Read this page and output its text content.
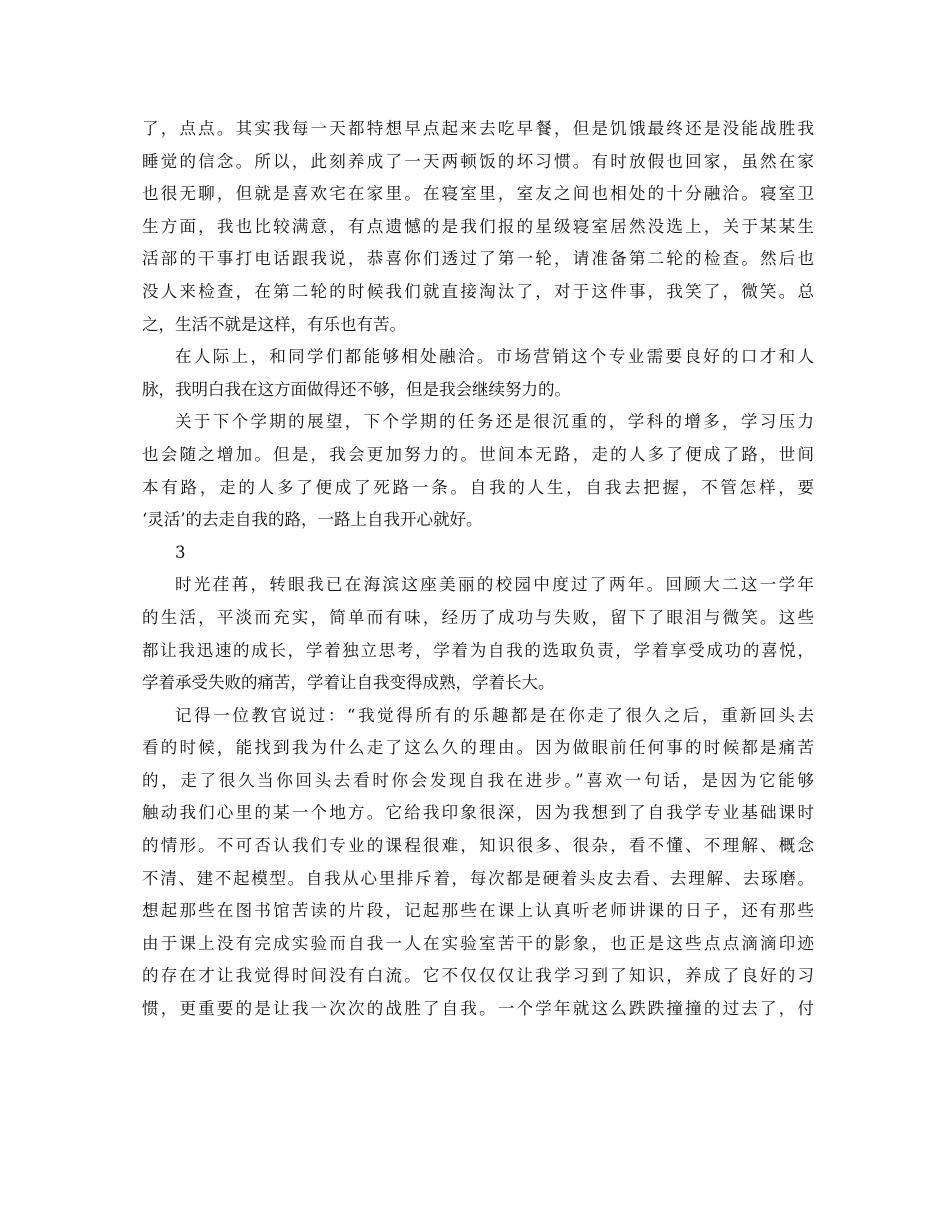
了，点点。其实我每一天都特想早点起来去吃早餐，但是饥饿最终还是没能战胜我
睡觉的信念。所以，此刻养成了一天两顿饭的坏习惯。有时放假也回家，虽然在家
也很无聊，但就是喜欢宅在家里。在寝室里，室友之间也相处的十分融洽。寝室卫
生方面，我也比较满意，有点遗憾的是我们报的星级寝室居然没选上，关于某某生
活部的干事打电话跟我说，恭喜你们透过了第一轮，请准备第二轮的检查。然后也
没人来检查，在第二轮的时候我们就直接淘汰了，对于这件事，我笑了，微笑。总
之，生活不就是这样，有乐也有苦。
在人际上，和同学们都能够相处融洽。市场营销这个专业需要良好的口才和人
脉，我明白我在这方面做得还不够，但是我会继续努力的。
关于下个学期的展望，下个学期的任务还是很沉重的，学科的增多，学习压力
也会随之增加。但是，我会更加努力的。世间本无路，走的人多了便成了路，世间
本有路，走的人多了便成了死路一条。自我的人生，自我去把握，不管怎样，要
‘灵活’的去走自我的路，一路上自我开心就好。
3
时光荏苒，转眼我已在海滨这座美丽的校园中度过了两年。回顾大二这一学年
的生活，平淡而充实，简单而有味，经历了成功与失败，留下了眼泪与微笑。这些
都让我迅速的成长，学着独立思考，学着为自我的选取负责，学着享受成功的喜悦，
学着承受失败的痛苦，学着让自我变得成熟，学着长大。
记得一位教官说过：“我觉得所有的乐趣都是在你走了很久之后，重新回头去
看的时候，能找到我为什么走了这么久的理由。因为做眼前任何事的时候都是痛苦
的，走了很久当你回头去看时你会发现自我在进步。”喜欢一句话，是因为它能够
触动我们心里的某一个地方。它给我印象很深，因为我想到了自我学专业基础课时
的情形。不可否认我们专业的课程很难，知识很多、很杂，看不懂、不理解、概念
不清、建不起模型。自我从心里排斥着，每次都是硬着头皮去看、去理解、去琢磨。
想起那些在图书馆苦读的片段，记起那些在课上认真听老师讲课的日子，还有那些
由于课上没有完成实验而自我一人在实验室苦干的影象，也正是这些点点滴滴印迹
的存在才让我觉得时间没有白流。它不仅仅仅让我学习到了知识，养成了良好的习
惯，更重要的是让我一次次的战胜了自我。一个学年就这么跌跌撞撞的过去了，付
